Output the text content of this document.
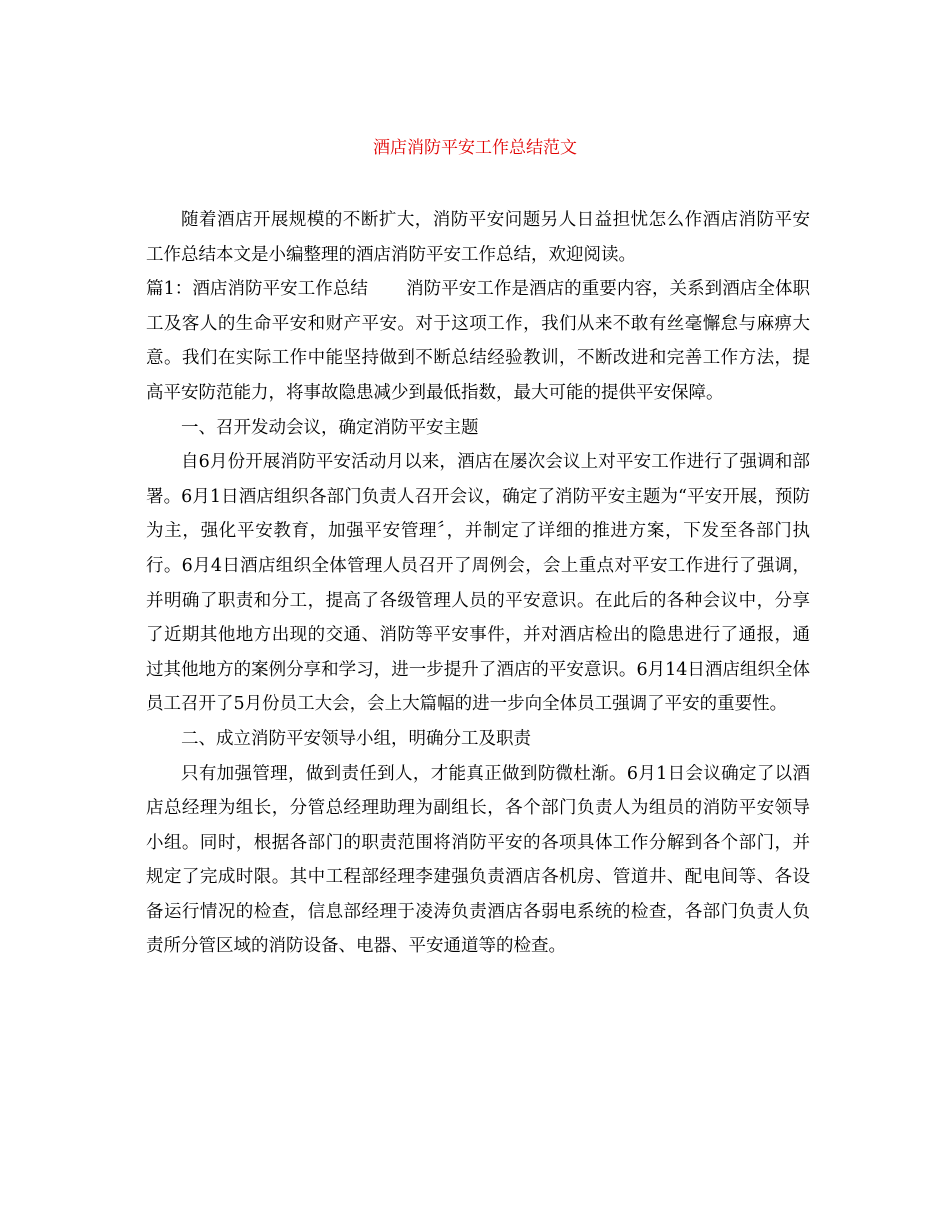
酒店消防平安工作总结范文

随着酒店开展规模的不断扩大，消防平安问题另人日益担忧怎么作酒店消防平安工作总结本文是小编整理的酒店消防平安工作总结，欢迎阅读。

篇1：酒店消防平安工作总结 消防平安工作是酒店的重要内容，关系到酒店全体职工及客人的生命平安和财产平安。对于这项工作，我们从来不敢有丝毫懈怠与麻痹大意。我们在实际工作中能坚持做到不断总结经验教训，不断改进和完善工作方法，提高平安防范能力，将事故隐患减少到最低指数，最大可能的提供平安保障。

一、召开发动会议，确定消防平安主题

自6月份开展消防平安活动月以来，酒店在屡次会议上对平安工作进行了强调和部署。6月1日酒店组织各部门负责人召开会议，确定了消防平安主题为“平安开展，预防为主，强化平安教育，加强平安管理〞，并制定了详细的推进方案，下发至各部门执行。6月4日酒店组织全体管理人员召开了周例会，会上重点对平安工作进行了强调，并明确了职责和分工，提高了各级管理人员的平安意识。在此后的各种会议中，分享了近期其他地方出现的交通、消防等平安事件，并对酒店检出的隐患进行了通报，通过其他地方的案例分享和学习，进一步提升了酒店的平安意识。6月14日酒店组织全体员工召开了5月份员工大会，会上大篇幅的进一步向全体员工强调了平安的重要性。

二、成立消防平安领导小组，明确分工及职责

只有加强管理，做到责任到人，才能真正做到防微杜渐。6月1日会议确定了以酒店总经理为组长，分管总经理助理为副组长，各个部门负责人为组员的消防平安领导小组。同时，根据各部门的职责范围将消防平安的各项具体工作分解到各个部门，并规定了完成时限。其中工程部经理李建强负责酒店各机房、管道井、配电间等、各设备运行情况的检查，信息部经理于凌涛负责酒店各弱电系统的检查，各部门负责人负责所分管区域的消防设备、电器、平安通道等的检查。
